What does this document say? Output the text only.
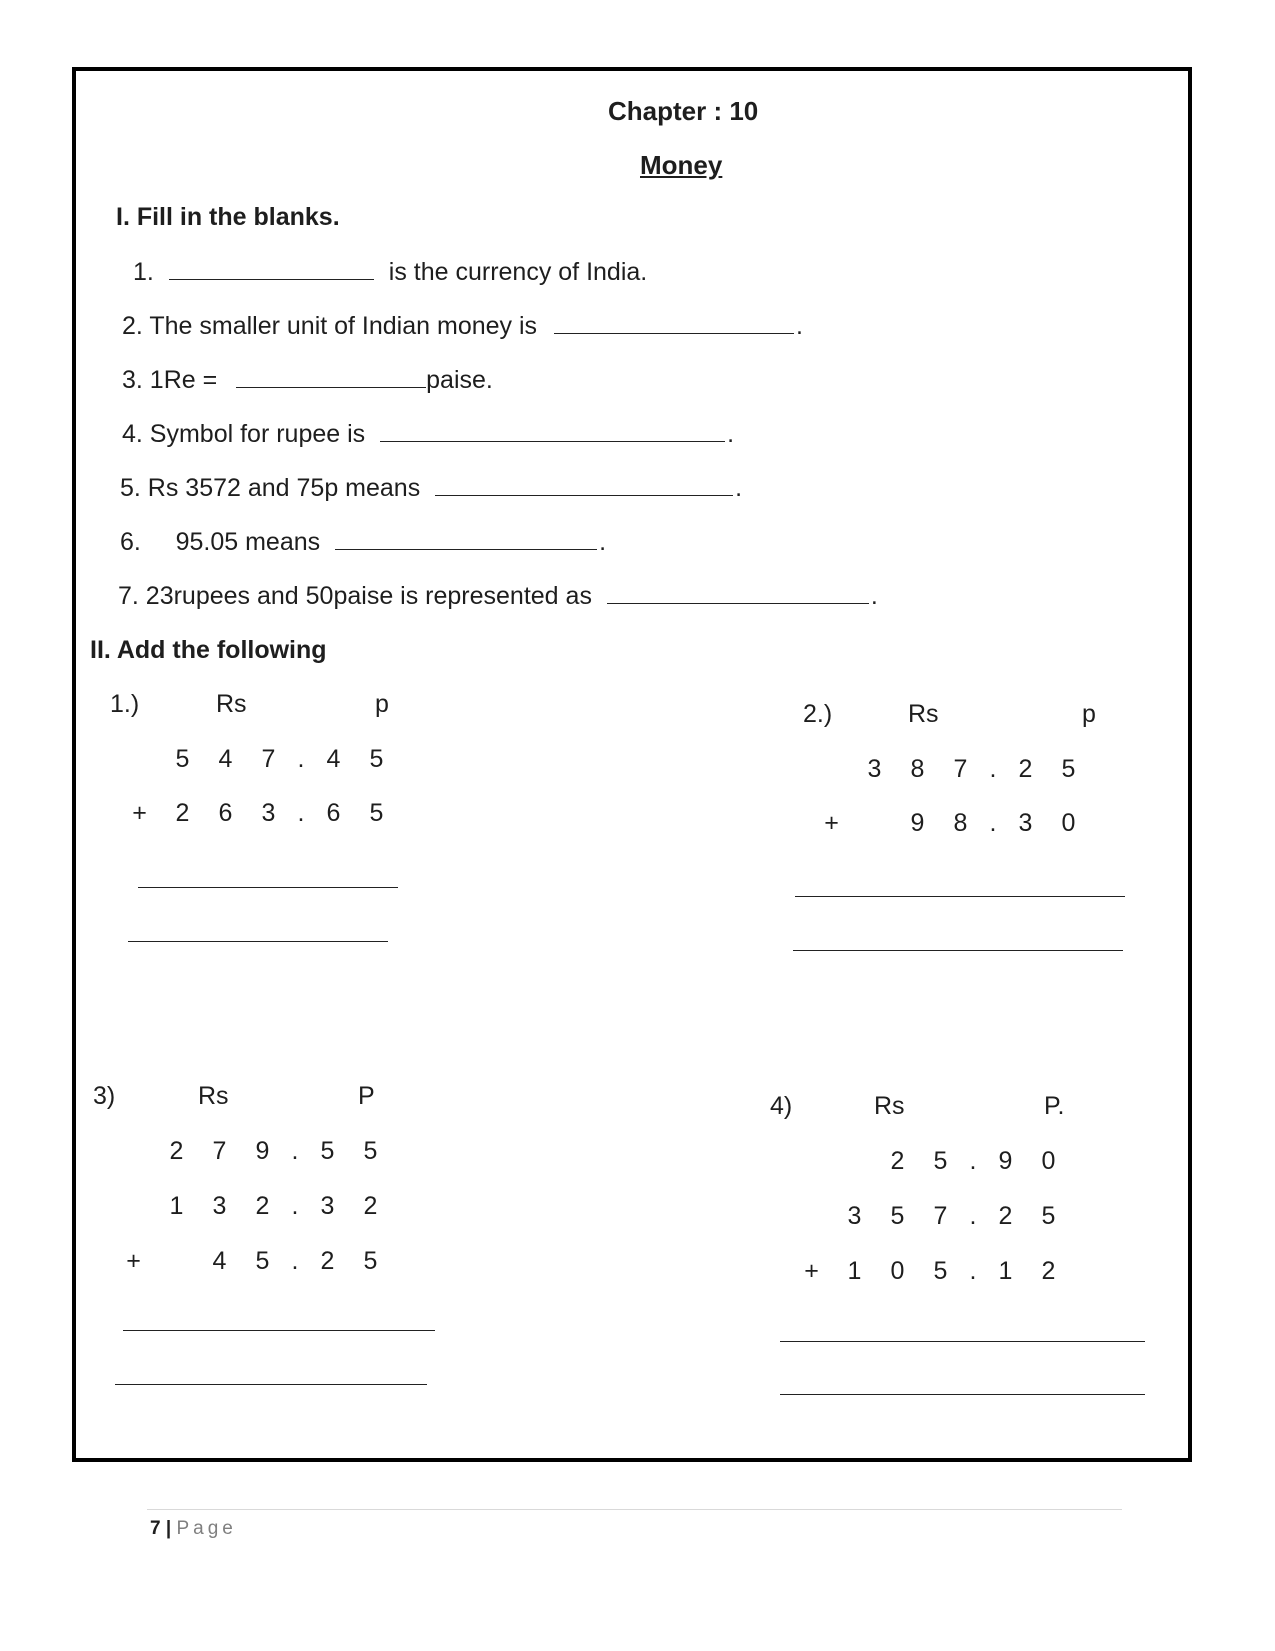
Chapter : 10
Money
I. Fill in the blanks.
1.	is the currency of India.
2. The smaller unit of Indian money is	.
3. 1Re =	paise.
4. Symbol for rupee is	.
5. Rs 3572 and 75p means	.
6.     95.05 means	.
7. 23rupees and 50paise is represented as	.
II. Add the following
1.)	Rs	p
5 4 7 . 4 5
+ 2 6 3 . 6 5
2.)	Rs	p
3 8 7 . 2 5
+	9 8 . 3 0
3)	Rs	P
2 7 9 . 5 5
1 3 2 . 3 2
+	4 5 . 2 5
4)	Rs	P.
2 5 . 9 0
3 5 7 . 2 5
+ 1 0 5 . 1 2
7 | Page
